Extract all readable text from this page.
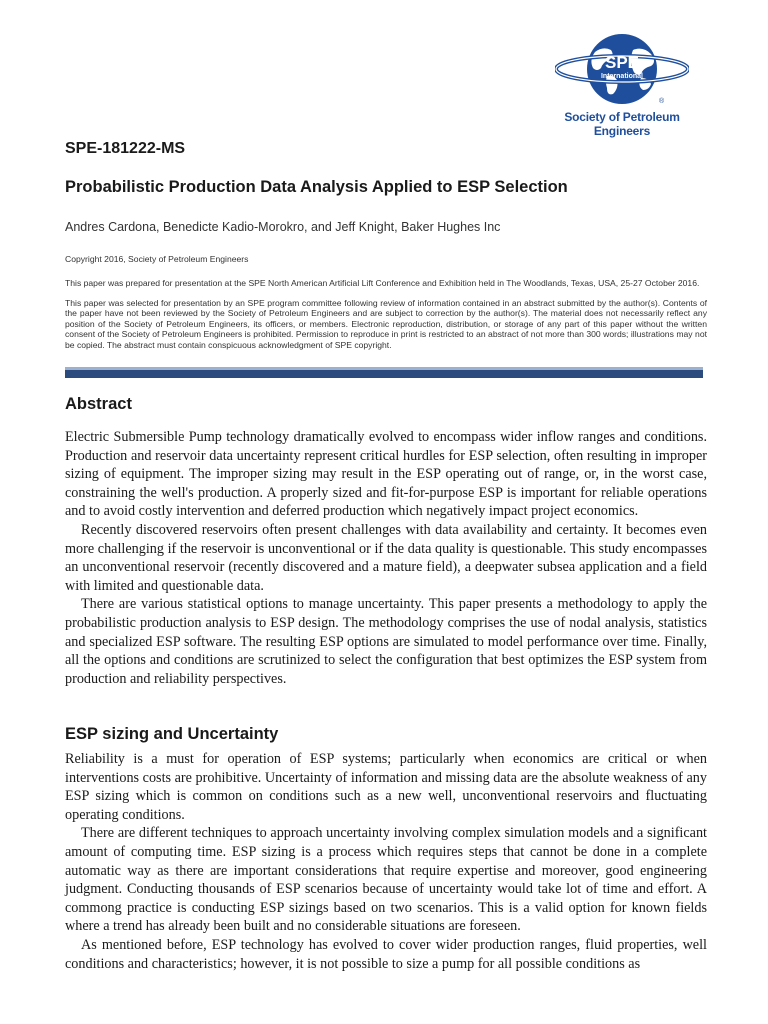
SPE
International
®
Society of Petroleum Engineers
SPE-181222-MS
Probabilistic Production Data Analysis Applied to ESP Selection
Andres Cardona, Benedicte Kadio-Morokro, and Jeff Knight, Baker Hughes Inc
Copyright 2016, Society of Petroleum Engineers
This paper was prepared for presentation at the SPE North American Artificial Lift Conference and Exhibition held in The Woodlands, Texas, USA, 25-27 October 2016.
This paper was selected for presentation by an SPE program committee following review of information contained in an abstract submitted by the author(s). Contents of the paper have not been reviewed by the Society of Petroleum Engineers and are subject to correction by the author(s). The material does not necessarily reflect any position of the Society of Petroleum Engineers, its officers, or members. Electronic reproduction, distribution, or storage of any part of this paper without the written consent of the Society of Petroleum Engineers is prohibited. Permission to reproduce in print is restricted to an abstract of not more than 300 words; illustrations may not be copied. The abstract must contain conspicuous acknowledgment of SPE copyright.
Abstract

Electric Submersible Pump technology dramatically evolved to encompass wider inflow ranges and conditions. Production and reservoir data uncertainty represent critical hurdles for ESP selection, often resulting in improper sizing of equipment. The improper sizing may result in the ESP operating out of range, or, in the worst case, constraining the well's production. A properly sized and fit-for-purpose ESP is important for reliable operations and to avoid costly intervention and deferred production which negatively impact project economics.

Recently discovered reservoirs often present challenges with data availability and certainty. It becomes even more challenging if the reservoir is unconventional or if the data quality is questionable. This study encompasses an unconventional reservoir (recently discovered and a mature field), a deepwater subsea application and a field with limited and questionable data.

There are various statistical options to manage uncertainty. This paper presents a methodology to apply the probabilistic production analysis to ESP design. The methodology comprises the use of nodal analysis, statistics and specialized ESP software. The resulting ESP options are simulated to model performance over time. Finally, all the options and conditions are scrutinized to select the configuration that best optimizes the ESP system from production and reliability perspectives.

ESP sizing and Uncertainty

Reliability is a must for operation of ESP systems; particularly when economics are critical or when interventions costs are prohibitive. Uncertainty of information and missing data are the absolute weakness of any ESP sizing which is common on conditions such as a new well, unconventional reservoirs and fluctuating operating conditions.

There are different techniques to approach uncertainty involving complex simulation models and a significant amount of computing time. ESP sizing is a process which requires steps that cannot be done in a complete automatic way as there are important considerations that require expertise and moreover, good engineering judgment. Conducting thousands of ESP scenarios because of uncertainty would take lot of time and effort. A commong practice is conducting ESP sizings based on two scenarios. This is a valid option for known fields where a trend has already been built and no considerable situations are foreseen.

As mentioned before, ESP technology has evolved to cover wider production ranges, fluid properties, well conditions and characteristics; however, it is not possible to size a pump for all possible conditions as
